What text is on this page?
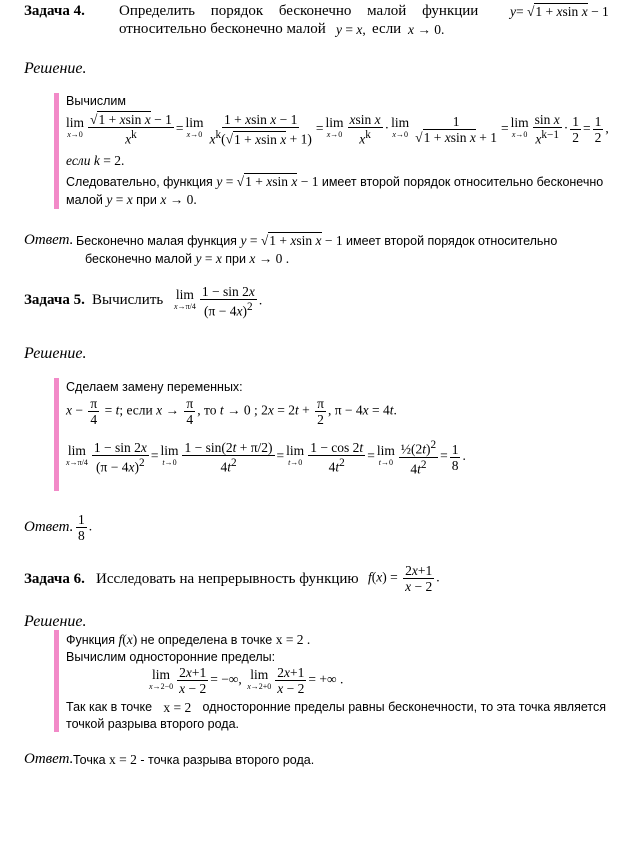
Задача 4. Определить порядок бесконечно малой функции y= √1 + xsin x − 1
относительно бесконечно малой y = x, если x → 0.
Решение.
Вычислим
lim
$x\to 0 \frac{\text{√1 + xsin x − 1}}{x^k} = \lim$
$x\to 0 \frac{\text{1 + xsin x − 1}}{x^k(√1 + xsin x + 1)} = \lim$
$x\to 0 \frac{\text{xsin x}}{x^k} \cdot \lim$
$x\to 0 \frac{1}{\text{√1 + xsin x + 1}} = \lim$
$x\to 0 \frac{\text{sin x}}{x^{k-1}} \cdot \frac{1}{2} = \frac{1}{2}$ ,
если k = 2.
Следовательно, функция y = √1 + xsin x − 1 имеет второй порядок относительно бесконечно
малой y = x при x → 0.
Ответ. Бесконечно малая функция y = √1 + xsin x − 1 имеет второй порядок относительно
бесконечно малой y = x при x → 0 .
Задача 5. Вычислить lim
$x\to\pi/4 \frac{1 - \sin 2x}{(\pi - 4x)^2}$ .
Решение.
Сделаем замену переменных:
$x - \frac{\pi}{4} = t$; если $x \to \frac{\pi}{4}$ , то t → 0 ; $2x = 2t + \frac{\pi}{2}$ , π − 4x = 4t.
lim
$x\to\pi/4 \frac{1 - \sin 2x}{(\pi - 4x)^2} = \lim$
$t\to 0 \frac{1 - \sin(2t + \pi/2)}{4t^2} = \lim$
$t\to 0 \frac{1 - \cos 2t}{4t^2} = \lim$
$t\to 0 \frac{\frac{1}{2}(2t)^2}{4t^2} = \frac{1}{8}$ .
Ответ. $\frac{1}{8}$ .
Задача 6. Исследовать на непрерывность функцию $f(x) = \frac{2x+1}{x - 2}$ .
Решение.
Функция f(x) не определена в точке x = 2 .
Вычислим односторонние пределы:
lim
$x\to 2-0 \frac{2x+1}{x - 2}$ = −∞, lim
$x\to 2+0 \frac{2x+1}{x - 2}$ = +∞ .
Так как в точке x = 2 односторонние пределы равны бесконечности, то эта точка является
точкой разрыва второго рода.
Ответ. Точка x = 2 - точка разрыва второго рода.
